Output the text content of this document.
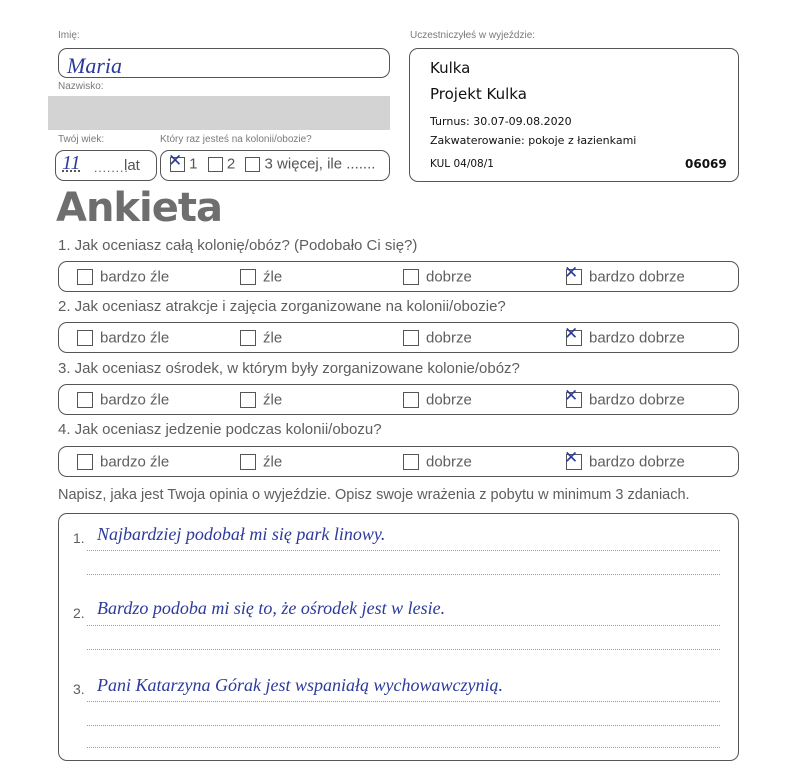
Imię:
Maria
Nazwisko:
Twój wiek:
11 ........
lat
Który raz jesteś na kolonii/obozie?
✕ 1 2 3 więcej, ile .......
Uczestniczyłeś w wyjeździe:
Kulka
Projekt Kulka
Turnus: 30.07-09.08.2020
Zakwaterowanie: pokoje z łazienkami
KUL 04/08/1	06069
Ankieta
1. Jak oceniasz całą kolonię/obóz? (Podobało Ci się?)
bardzo źle	źle	dobrze	✕ bardzo dobrze
2. Jak oceniasz atrakcje i zajęcia zorganizowane na kolonii/obozie?
bardzo źle	źle	dobrze	✕ bardzo dobrze
3. Jak oceniasz ośrodek, w którym były zorganizowane kolonie/obóz?
bardzo źle	źle	dobrze	✕ bardzo dobrze
4. Jak oceniasz jedzenie podczas kolonii/obozu?
bardzo źle	źle	dobrze	✕ bardzo dobrze
Napisz, jaka jest Twoja opinia o wyjeździe. Opisz swoje wrażenia z pobytu w minimum 3 zdaniach.
1. Najbardziej podobał mi się park linowy.
2. Bardzo podoba mi się to, że ośrodek jest w lesie.
3. Pani Katarzyna Górak jest wspaniałą wychowawczynią.
